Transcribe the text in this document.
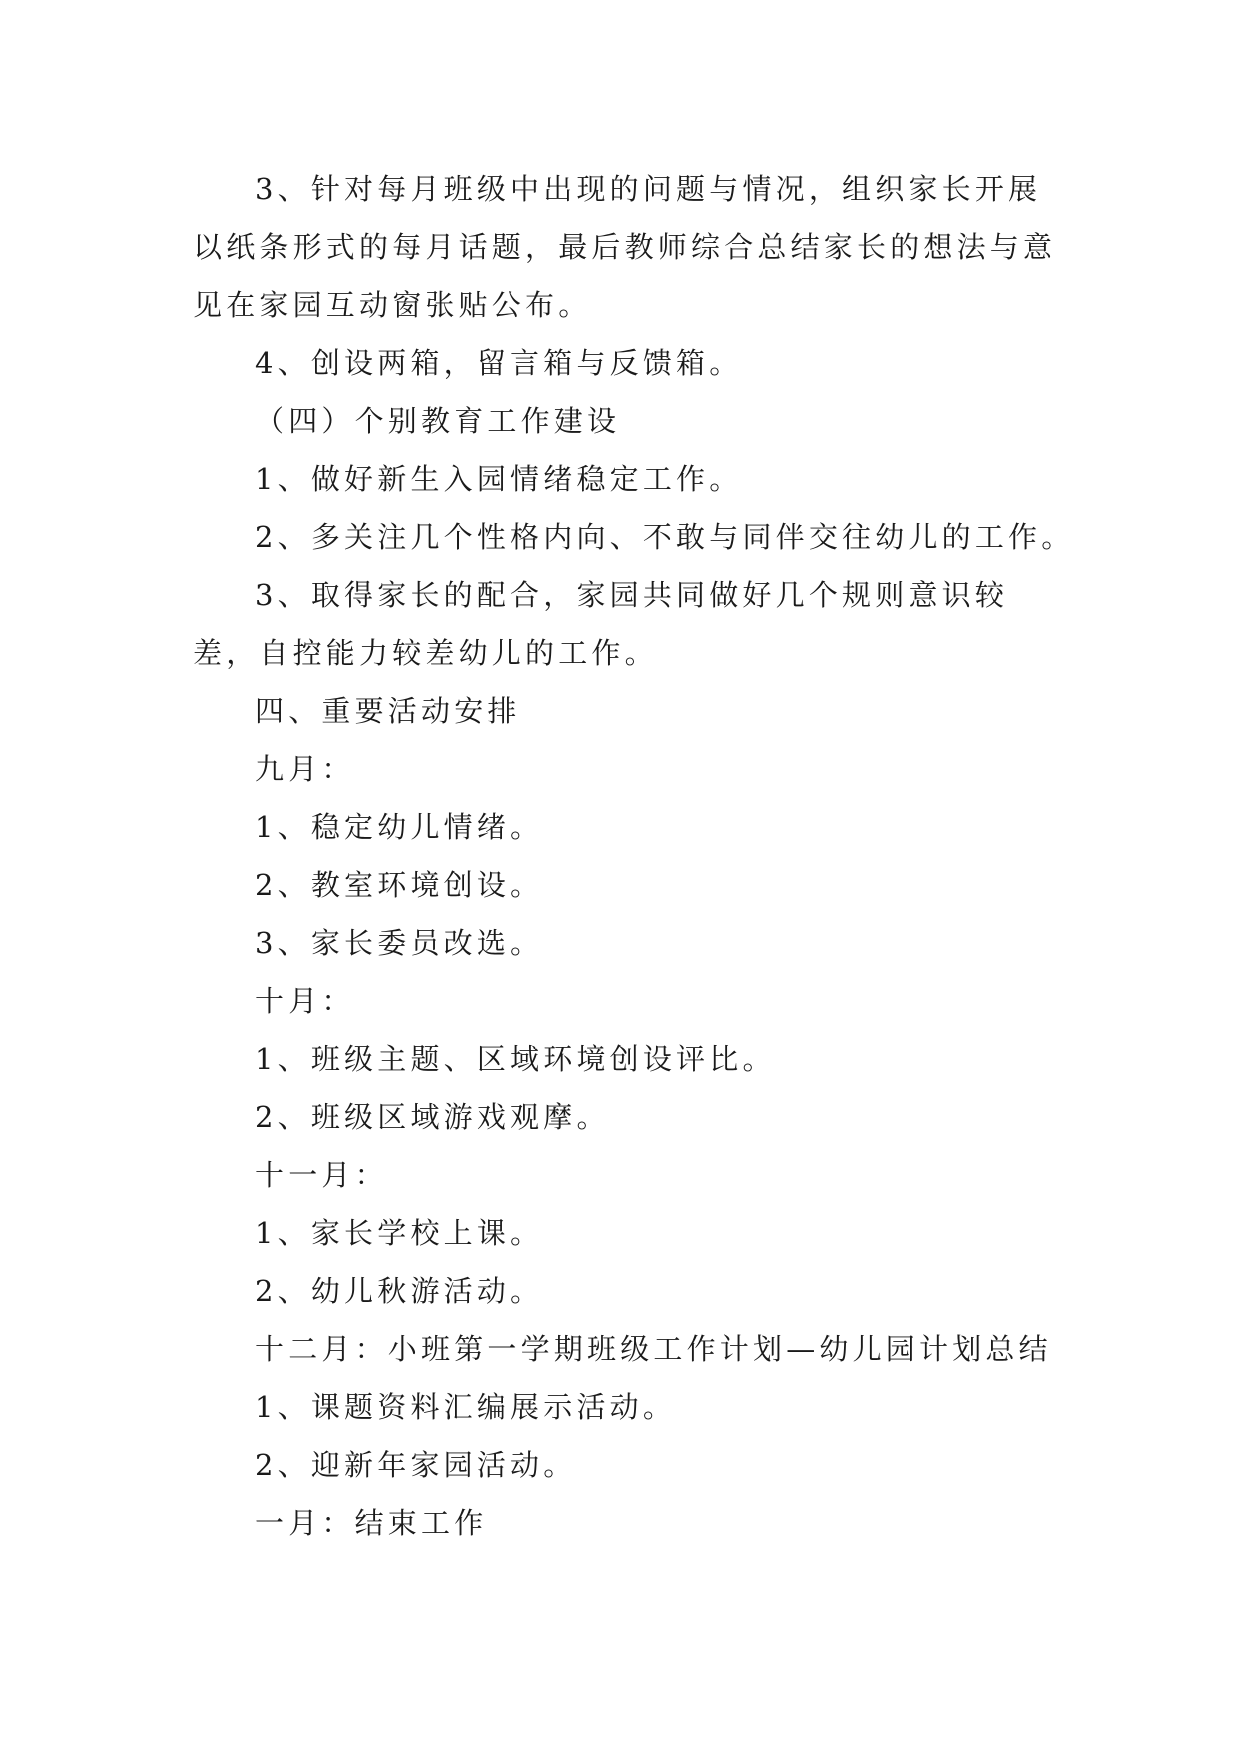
3、针对每月班级中出现的问题与情况，组织家长开展以纸条形式的每月话题，最后教师综合总结家长的想法与意见在家园互动窗张贴公布。

4、创设两箱，留言箱与反馈箱。

（四）个别教育工作建设

1、做好新生入园情绪稳定工作。

2、多关注几个性格内向、不敢与同伴交往幼儿的工作。

3、取得家长的配合，家园共同做好几个规则意识较差，自控能力较差幼儿的工作。

四、重要活动安排

九月：

1、稳定幼儿情绪。

2、教室环境创设。

3、家长委员改选。

十月：

1、班级主题、区域环境创设评比。

2、班级区域游戏观摩。

十一月：

1、家长学校上课。

2、幼儿秋游活动。

十二月：小班第一学期班级工作计划—幼儿园计划总结

1、课题资料汇编展示活动。

2、迎新年家园活动。

一月：结束工作
